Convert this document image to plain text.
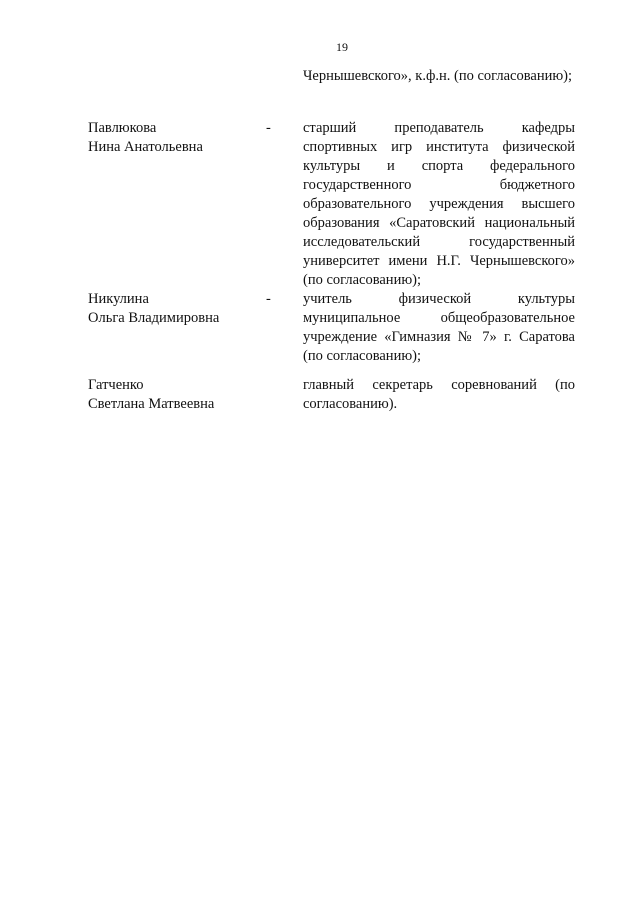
19
Чернышевского», к.ф.н. (по согласованию);
Павлюкова
Нина Анатольевна
- старший преподаватель кафедры спортивных игр института физической культуры и спорта федерального государственного бюджетного образовательного учреждения высшего образования «Саратовский национальный исследовательский государственный университет имени Н.Г. Чернышевского» (по согласованию);
Никулина
Ольга Владимировна
- учитель физической культуры муниципальное общеобразовательное учреждение «Гимназия № 7» г. Саратова (по согласованию);
Гатченко
Светлана Матвеевна
главный секретарь соревнований (по согласованию).
